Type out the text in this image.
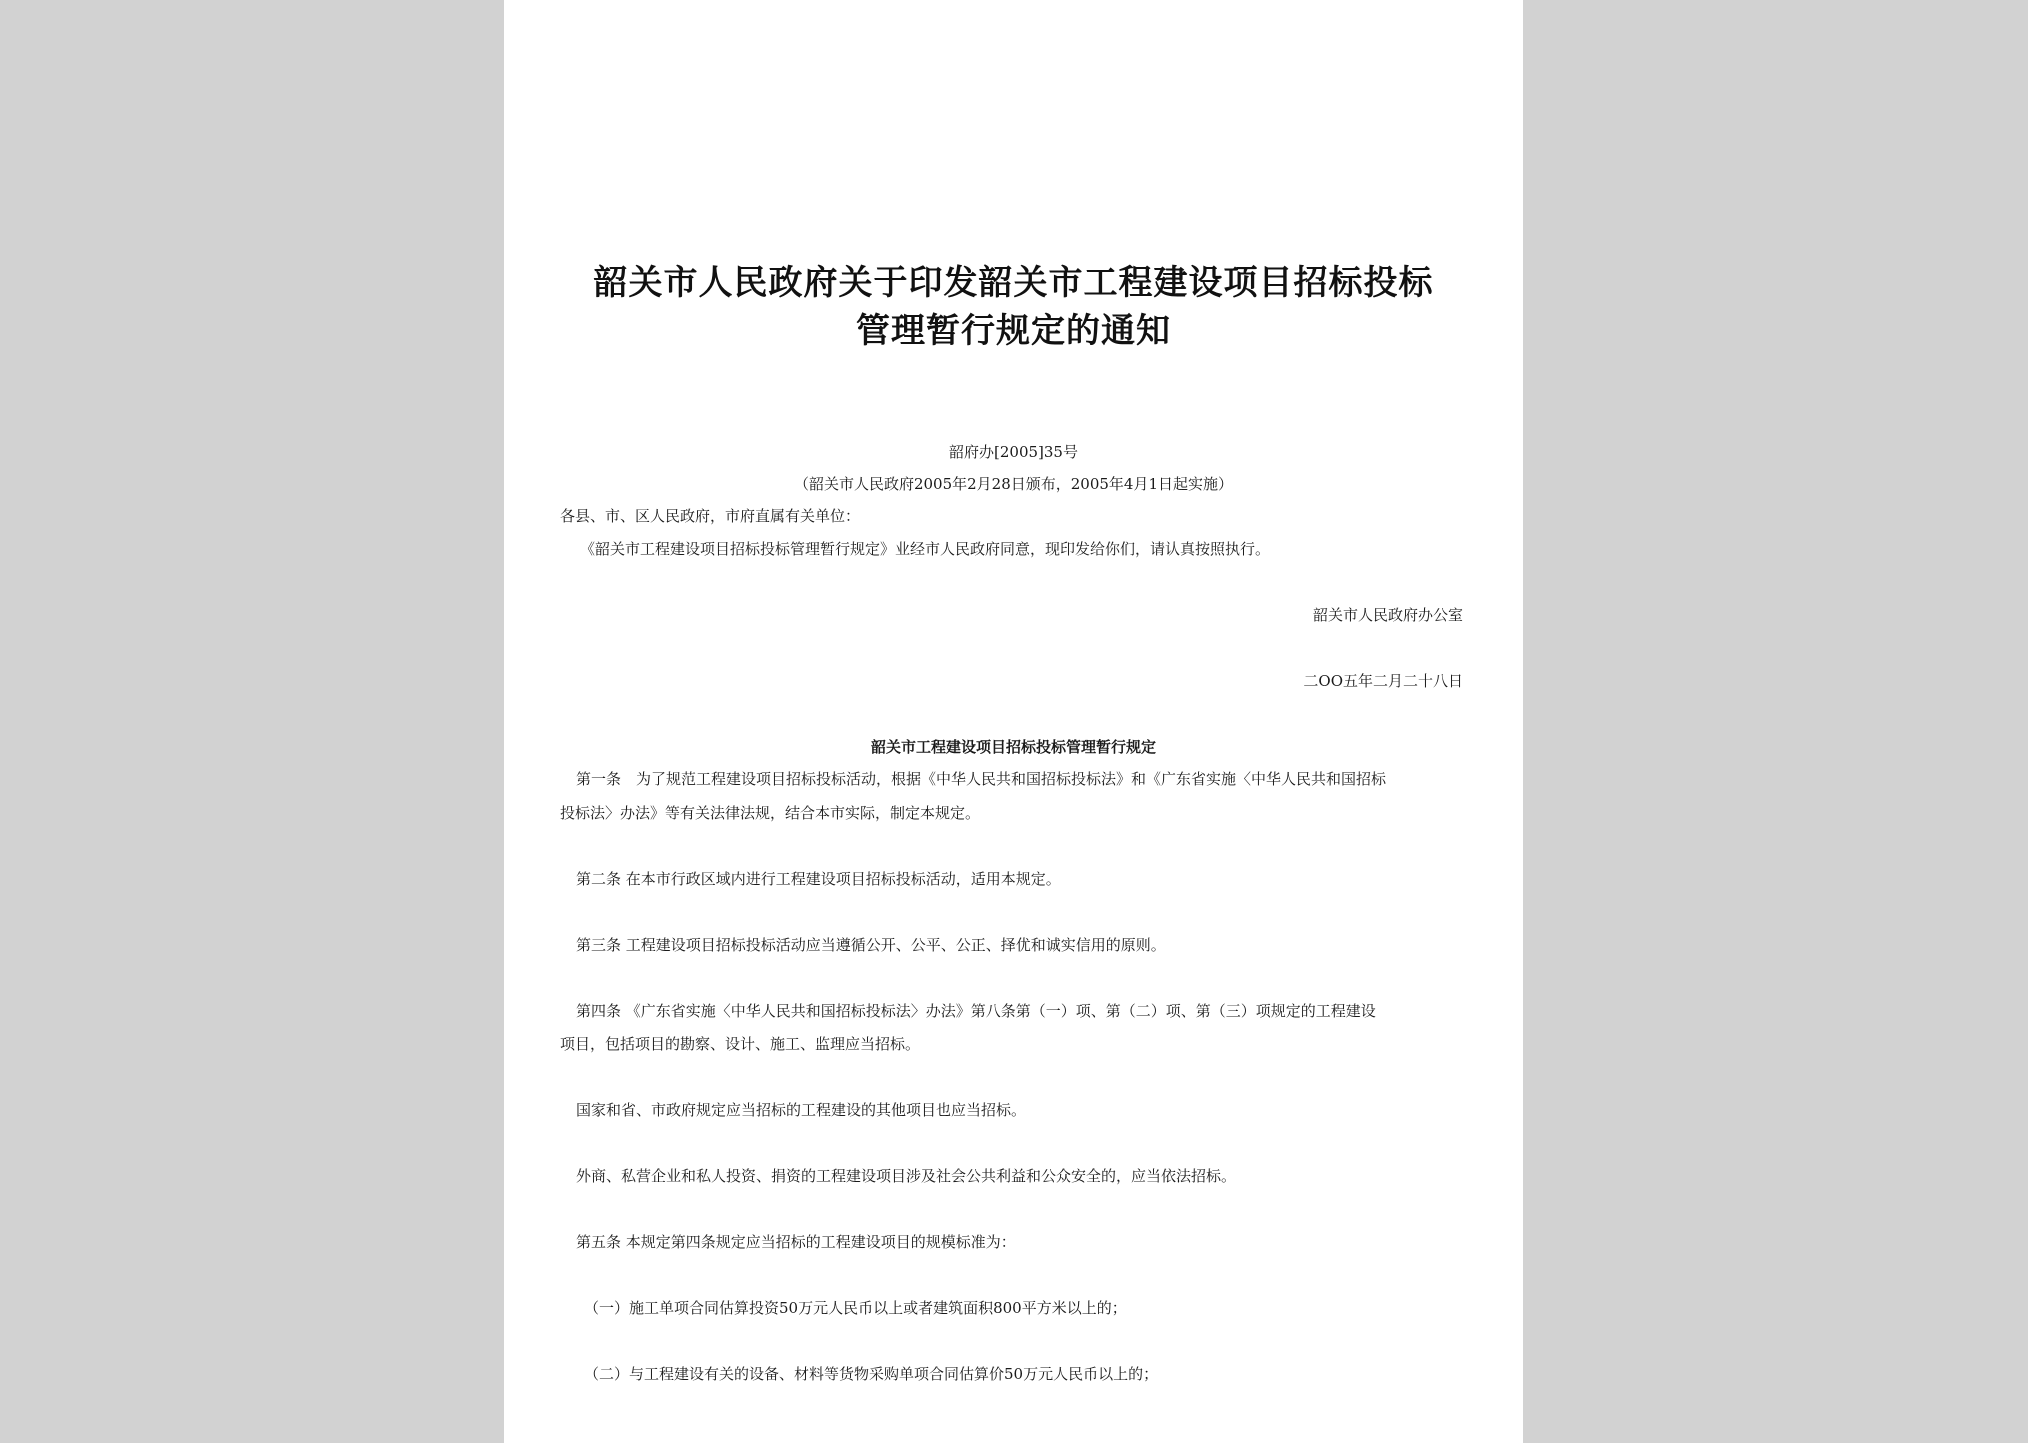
韶关市人民政府关于印发韶关市工程建设项目招标投标
管理暂行规定的通知
韶府办[2005]35号
（韶关市人民政府2005年2月28日颁布，2005年4月1日起实施）
各县、市、区人民政府，市府直属有关单位：
《韶关市工程建设项目招标投标管理暂行规定》业经市人民政府同意，现印发给你们，请认真按照执行。
韶关市人民政府办公室
二OO五年二月二十八日
韶关市工程建设项目招标投标管理暂行规定
第一条　为了规范工程建设项目招标投标活动，根据《中华人民共和国招标投标法》和《广东省实施〈中华人民共和国招标
投标法〉办法》等有关法律法规，结合本市实际，制定本规定。
第二条 在本市行政区域内进行工程建设项目招标投标活动，适用本规定。
第三条 工程建设项目招标投标活动应当遵循公开、公平、公正、择优和诚实信用的原则。
第四条 《广东省实施〈中华人民共和国招标投标法〉办法》第八条第（一）项、第（二）项、第（三）项规定的工程建设
项目，包括项目的勘察、设计、施工、监理应当招标。
国家和省、市政府规定应当招标的工程建设的其他项目也应当招标。
外商、私营企业和私人投资、捐资的工程建设项目涉及社会公共利益和公众安全的，应当依法招标。
第五条 本规定第四条规定应当招标的工程建设项目的规模标准为：
（一）施工单项合同估算投资50万元人民币以上或者建筑面积800平方米以上的；
（二）与工程建设有关的设备、材料等货物采购单项合同估算价50万元人民币以上的；
